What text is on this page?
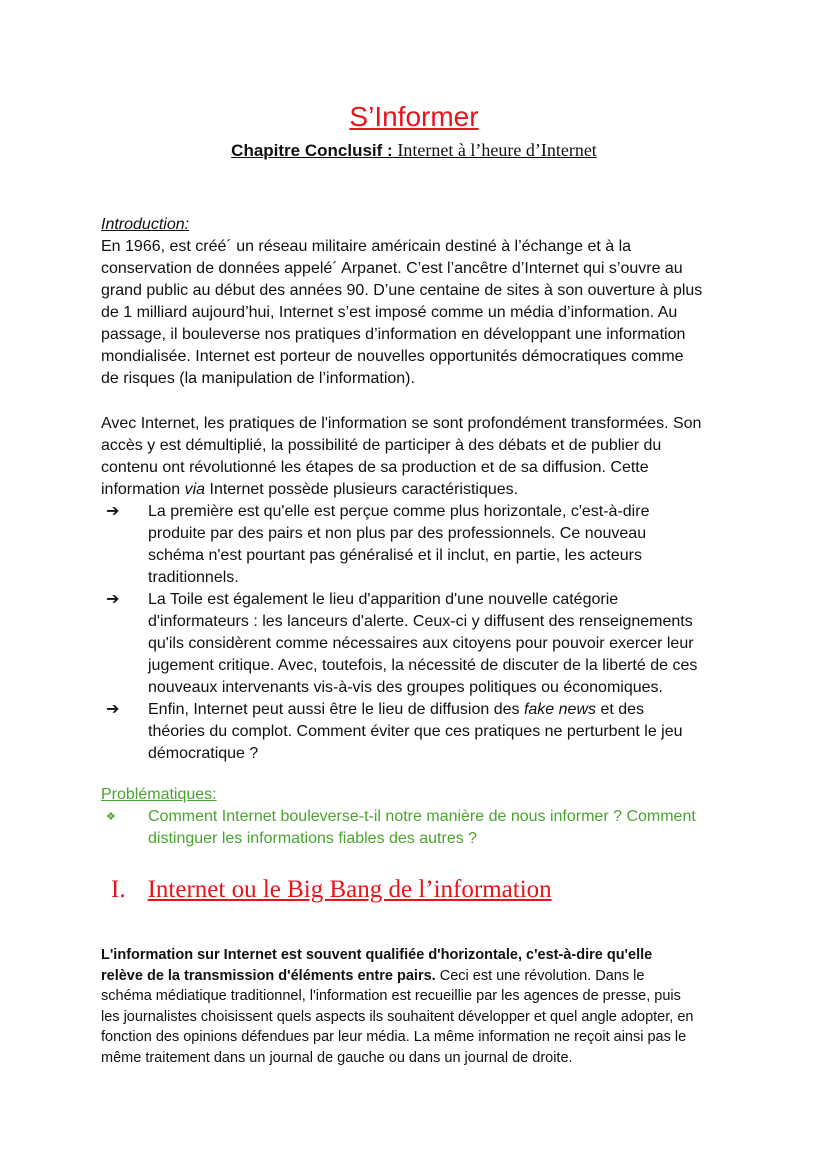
S’Informer
Chapitre Conclusif : Internet à l’heure d’Internet
Introduction:
En 1966, est créé´ un réseau militaire américain destiné à l’échange et à la
conservation de données appelé´ Arpanet. C’est l’ancêtre d’Internet qui s’ouvre au
grand public au début des années 90. D’une centaine de sites à son ouverture à plus
de 1 milliard aujourd’hui, Internet s’est imposé comme un média d’information. Au
passage, il bouleverse nos pratiques d’information en développant une information
mondialisée. Internet est porteur de nouvelles opportunités démocratiques comme
de risques (la manipulation de l’information).
Avec Internet, les pratiques de l'information se sont profondément transformées. Son
accès y est démultiplié, la possibilité de participer à des débats et de publier du
contenu ont révolutionné les étapes de sa production et de sa diffusion. Cette
information via Internet possède plusieurs caractéristiques.
➔ La première est qu'elle est perçue comme plus horizontale, c'est-à-dire
produite par des pairs et non plus par des professionnels. Ce nouveau
schéma n'est pourtant pas généralisé et il inclut, en partie, les acteurs
traditionnels.
➔ La Toile est également le lieu d'apparition d'une nouvelle catégorie
d'informateurs : les lanceurs d'alerte. Ceux-ci y diffusent des renseignements
qu'ils considèrent comme nécessaires aux citoyens pour pouvoir exercer leur
jugement critique. Avec, toutefois, la nécessité de discuter de la liberté de ces
nouveaux intervenants vis-à-vis des groupes politiques ou économiques.
➔ Enfin, Internet peut aussi être le lieu de diffusion des fake news et des
théories du complot. Comment éviter que ces pratiques ne perturbent le jeu
démocratique ?
Problématiques:
❖ Comment Internet bouleverse-t-il notre manière de nous informer ? Comment
distinguer les informations fiables des autres ?
I. Internet ou le Big Bang de l’information
L'information sur Internet est souvent qualifiée d'horizontale, c'est-à-dire qu'elle
relève de la transmission d'éléments entre pairs. Ceci est une révolution. Dans le
schéma médiatique traditionnel, l'information est recueillie par les agences de presse, puis
les journalistes choisissent quels aspects ils souhaitent développer et quel angle adopter, en
fonction des opinions défendues par leur média. La même information ne reçoit ainsi pas le
même traitement dans un journal de gauche ou dans un journal de droite.
